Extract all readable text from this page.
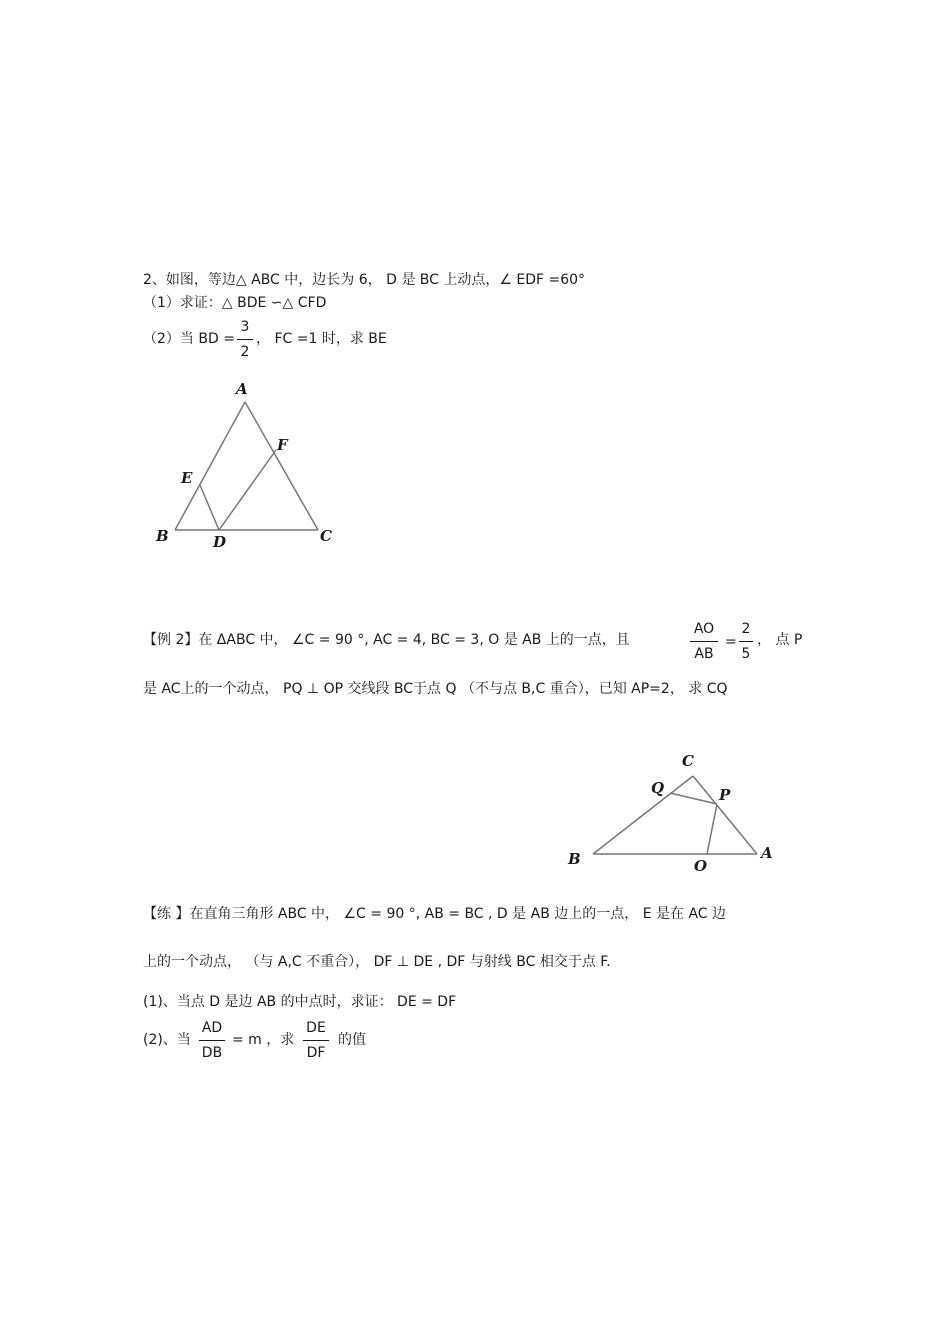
2、如图，等边△ ABC 中，边长为 6， D 是 BC 上动点，∠ EDF =60°
（1）求证：△ BDE ∽△ CFD
（2）当 BD =
3
2
， FC =1 时，求 BE
A
F
E
B	D	C
【例 2】在 ΔABC 中， ∠C = 90 °, AC = 4, BC = 3, O 是 AB 上的一点，且
AO
AB
=
2
5
， 点 P
是 AC上的一个动点， PQ ⊥ OP 交线段 BC于点 Q （不与点 B,C 重合），已知 AP=2， 求 CQ
C
Q	P
B	O
A
【练 】在直角三角形 ABC 中， ∠C = 90 °, AB = BC , D 是 AB 边上的一点， E 是在 AC 边
上的一个动点， （与 A,C 不重合）， DF ⊥ DE , DF 与射线 BC 相交于点 F.
(1)、当点 D 是边 AB 的中点时，求证： DE = DF
(2)、当
AD
DB
= m ，求
DE
DF
的值
